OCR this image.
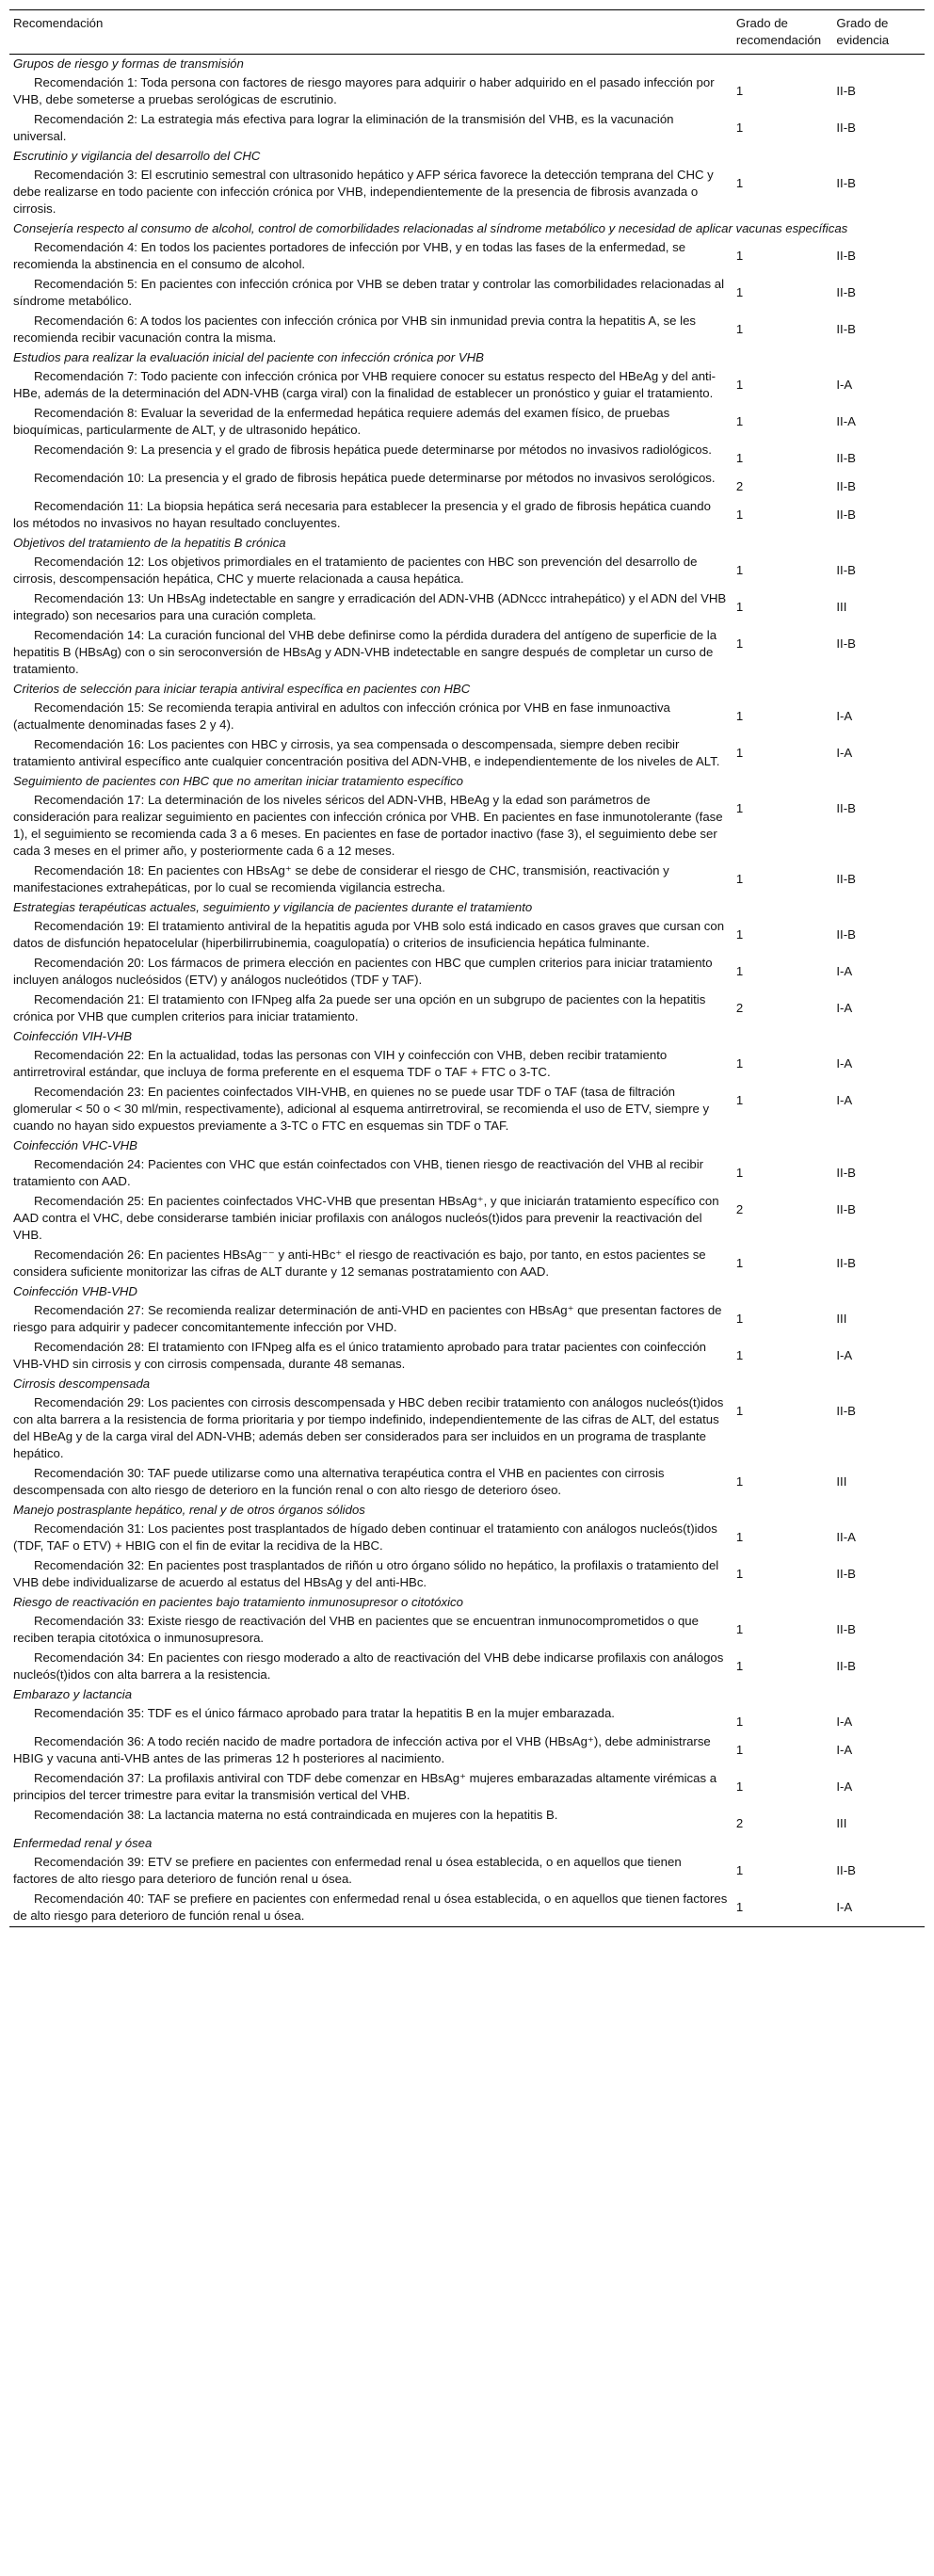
Recomendación	Grado de recomendación	Grado de evidencia
Grupos de riesgo y formas de transmisión		
Recomendación 1: Toda persona con factores de riesgo mayores para adquirir o haber adquirido en el pasado infección por VHB, debe someterse a pruebas serológicas de escrutinio.	1	II-B
Recomendación 2: La estrategia más efectiva para lograr la eliminación de la transmisión del VHB, es la vacunación universal.	1	II-B
Escrutinio y vigilancia del desarrollo del CHC		
Recomendación 3: El escrutinio semestral con ultrasonido hepático y AFP sérica favorece la detección temprana del CHC y debe realizarse en todo paciente con infección crónica por VHB, independientemente de la presencia de fibrosis avanzada o cirrosis.	1	II-B
Consejería respecto al consumo de alcohol, control de comorbilidades relacionadas al síndrome metabólico y necesidad de aplicar vacunas específicas		
Recomendación 4: En todos los pacientes portadores de infección por VHB, y en todas las fases de la enfermedad, se recomienda la abstinencia en el consumo de alcohol.	1	II-B
Recomendación 5: En pacientes con infección crónica por VHB se deben tratar y controlar las comorbilidades relacionadas al síndrome metabólico.	1	II-B
Recomendación 6: A todos los pacientes con infección crónica por VHB sin inmunidad previa contra la hepatitis A, se les recomienda recibir vacunación contra la misma.	1	II-B
Estudios para realizar la evaluación inicial del paciente con infección crónica por VHB		
Recomendación 7: Todo paciente con infección crónica por VHB requiere conocer su estatus respecto del HBeAg y del anti-HBe, además de la determinación del ADN-VHB (carga viral) con la finalidad de establecer un pronóstico y guiar el tratamiento.	1	I-A
Recomendación 8: Evaluar la severidad de la enfermedad hepática requiere además del examen físico, de pruebas bioquímicas, particularmente de ALT, y de ultrasonido hepático.	1	II-A
Recomendación 9: La presencia y el grado de fibrosis hepática puede determinarse por métodos no invasivos radiológicos.	1	II-B
Recomendación 10: La presencia y el grado de fibrosis hepática puede determinarse por métodos no invasivos serológicos.	2	II-B
Recomendación 11: La biopsia hepática será necesaria para establecer la presencia y el grado de fibrosis hepática cuando los métodos no invasivos no hayan resultado concluyentes.	1	II-B
Objetivos del tratamiento de la hepatitis B crónica		
Recomendación 12: Los objetivos primordiales en el tratamiento de pacientes con HBC son prevención del desarrollo de cirrosis, descompensación hepática, CHC y muerte relacionada a causa hepática.	1	II-B
Recomendación 13: Un HBsAg indetectable en sangre y erradicación del ADN-VHB (ADNccc intrahepático) y el ADN del VHB integrado) son necesarios para una curación completa.	1	III
Recomendación 14: La curación funcional del VHB debe definirse como la pérdida duradera del antígeno de superficie de la hepatitis B (HBsAg) con o sin seroconversión de HBsAg y ADN-VHB indetectable en sangre después de completar un curso de tratamiento.	1	II-B
Criterios de selección para iniciar terapia antiviral específica en pacientes con HBC		
Recomendación 15: Se recomienda terapia antiviral en adultos con infección crónica por VHB en fase inmunoactiva (actualmente denominadas fases 2 y 4).	1	I-A
Recomendación 16: Los pacientes con HBC y cirrosis, ya sea compensada o descompensada, siempre deben recibir tratamiento antiviral específico ante cualquier concentración positiva del ADN-VHB, e independientemente de los niveles de ALT.	1	I-A
Seguimiento de pacientes con HBC que no ameritan iniciar tratamiento específico		
Recomendación 17: La determinación de los niveles séricos del ADN-VHB, HBeAg y la edad son parámetros de consideración para realizar seguimiento en pacientes con infección crónica por VHB. En pacientes en fase inmunotolerante (fase 1), el seguimiento se recomienda cada 3 a 6 meses. En pacientes en fase de portador inactivo (fase 3), el seguimiento debe ser cada 3 meses en el primer año, y posteriormente cada 6 a 12 meses.	1	II-B
Recomendación 18: En pacientes con HBsAg⁺ se debe de considerar el riesgo de CHC, transmisión, reactivación y manifestaciones extrahepáticas, por lo cual se recomienda vigilancia estrecha.	1	II-B
Estrategias terapéuticas actuales, seguimiento y vigilancia de pacientes durante el tratamiento		
Recomendación 19: El tratamiento antiviral de la hepatitis aguda por VHB solo está indicado en casos graves que cursan con datos de disfunción hepatocelular (hiperbilirrubinemia, coagulopatía) o criterios de insuficiencia hepática fulminante.	1	II-B
Recomendación 20: Los fármacos de primera elección en pacientes con HBC que cumplen criterios para iniciar tratamiento incluyen análogos nucleósidos (ETV) y análogos nucleótidos (TDF y TAF).	1	I-A
Recomendación 21: El tratamiento con IFNpeg alfa 2a puede ser una opción en un subgrupo de pacientes con la hepatitis crónica por VHB que cumplen criterios para iniciar tratamiento.	2	I-A
Coinfección VIH-VHB		
Recomendación 22: En la actualidad, todas las personas con VIH y coinfección con VHB, deben recibir tratamiento antirretroviral estándar, que incluya de forma preferente en el esquema TDF o TAF + FTC o 3-TC.	1	I-A
Recomendación 23: En pacientes coinfectados VIH-VHB, en quienes no se puede usar TDF o TAF (tasa de filtración glomerular < 50 o < 30 ml/min, respectivamente), adicional al esquema antirretroviral, se recomienda el uso de ETV, siempre y cuando no hayan sido expuestos previamente a 3-TC o FTC en esquemas sin TDF o TAF.	1	I-A
Coinfección VHC-VHB		
Recomendación 24: Pacientes con VHC que están coinfectados con VHB, tienen riesgo de reactivación del VHB al recibir tratamiento con AAD.	1	II-B
Recomendación 25: En pacientes coinfectados VHC-VHB que presentan HBsAg⁺, y que iniciarán tratamiento específico con AAD contra el VHC, debe considerarse también iniciar profilaxis con análogos nucleós(t)idos para prevenir la reactivación del VHB.	2	II-B
Recomendación 26: En pacientes HBsAg⁻⁻ y anti-HBc⁺ el riesgo de reactivación es bajo, por tanto, en estos pacientes se considera suficiente monitorizar las cifras de ALT durante y 12 semanas postratamiento con AAD.	1	II-B
Coinfección VHB-VHD		
Recomendación 27: Se recomienda realizar determinación de anti-VHD en pacientes con HBsAg⁺ que presentan factores de riesgo para adquirir y padecer concomitantemente infección por VHD.	1	III
Recomendación 28: El tratamiento con IFNpeg alfa es el único tratamiento aprobado para tratar pacientes con coinfección VHB-VHD sin cirrosis y con cirrosis compensada, durante 48 semanas.	1	I-A
Cirrosis descompensada		
Recomendación 29: Los pacientes con cirrosis descompensada y HBC deben recibir tratamiento con análogos nucleós(t)idos con alta barrera a la resistencia de forma prioritaria y por tiempo indefinido, independientemente de las cifras de ALT, del estatus del HBeAg y de la carga viral del ADN-VHB; además deben ser considerados para ser incluidos en un programa de trasplante hepático.	1	II-B
Recomendación 30: TAF puede utilizarse como una alternativa terapéutica contra el VHB en pacientes con cirrosis descompensada con alto riesgo de deterioro en la función renal o con alto riesgo de deterioro óseo.	1	III
Manejo postrasplante hepático, renal y de otros órganos sólidos		
Recomendación 31: Los pacientes post trasplantados de hígado deben continuar el tratamiento con análogos nucleós(t)idos (TDF, TAF o ETV) + HBIG con el fin de evitar la recidiva de la HBC.	1	II-A
Recomendación 32: En pacientes post trasplantados de riñón u otro órgano sólido no hepático, la profilaxis o tratamiento del VHB debe individualizarse de acuerdo al estatus del HBsAg y del anti-HBc.	1	II-B
Riesgo de reactivación en pacientes bajo tratamiento inmunosupresor o citotóxico		
Recomendación 33: Existe riesgo de reactivación del VHB en pacientes que se encuentran inmunocomprometidos o que reciben terapia citotóxica o inmunosupresora.	1	II-B
Recomendación 34: En pacientes con riesgo moderado a alto de reactivación del VHB debe indicarse profilaxis con análogos nucleós(t)idos con alta barrera a la resistencia.	1	II-B
Embarazo y lactancia		
Recomendación 35: TDF es el único fármaco aprobado para tratar la hepatitis B en la mujer embarazada.	1	I-A
Recomendación 36: A todo recién nacido de madre portadora de infección activa por el VHB (HBsAg⁺), debe administrarse HBIG y vacuna anti-VHB antes de las primeras 12 h posteriores al nacimiento.	1	I-A
Recomendación 37: La profilaxis antiviral con TDF debe comenzar en HBsAg⁺ mujeres embarazadas altamente virémicas a principios del tercer trimestre para evitar la transmisión vertical del VHB.	1	I-A
Recomendación 38: La lactancia materna no está contraindicada en mujeres con la hepatitis B.	2	III
Enfermedad renal y ósea		
Recomendación 39: ETV se prefiere en pacientes con enfermedad renal u ósea establecida, o en aquellos que tienen factores de alto riesgo para deterioro de función renal u ósea.	1	II-B
Recomendación 40: TAF se prefiere en pacientes con enfermedad renal u ósea establecida, o en aquellos que tienen factores de alto riesgo para deterioro de función renal u ósea.	1	I-A
